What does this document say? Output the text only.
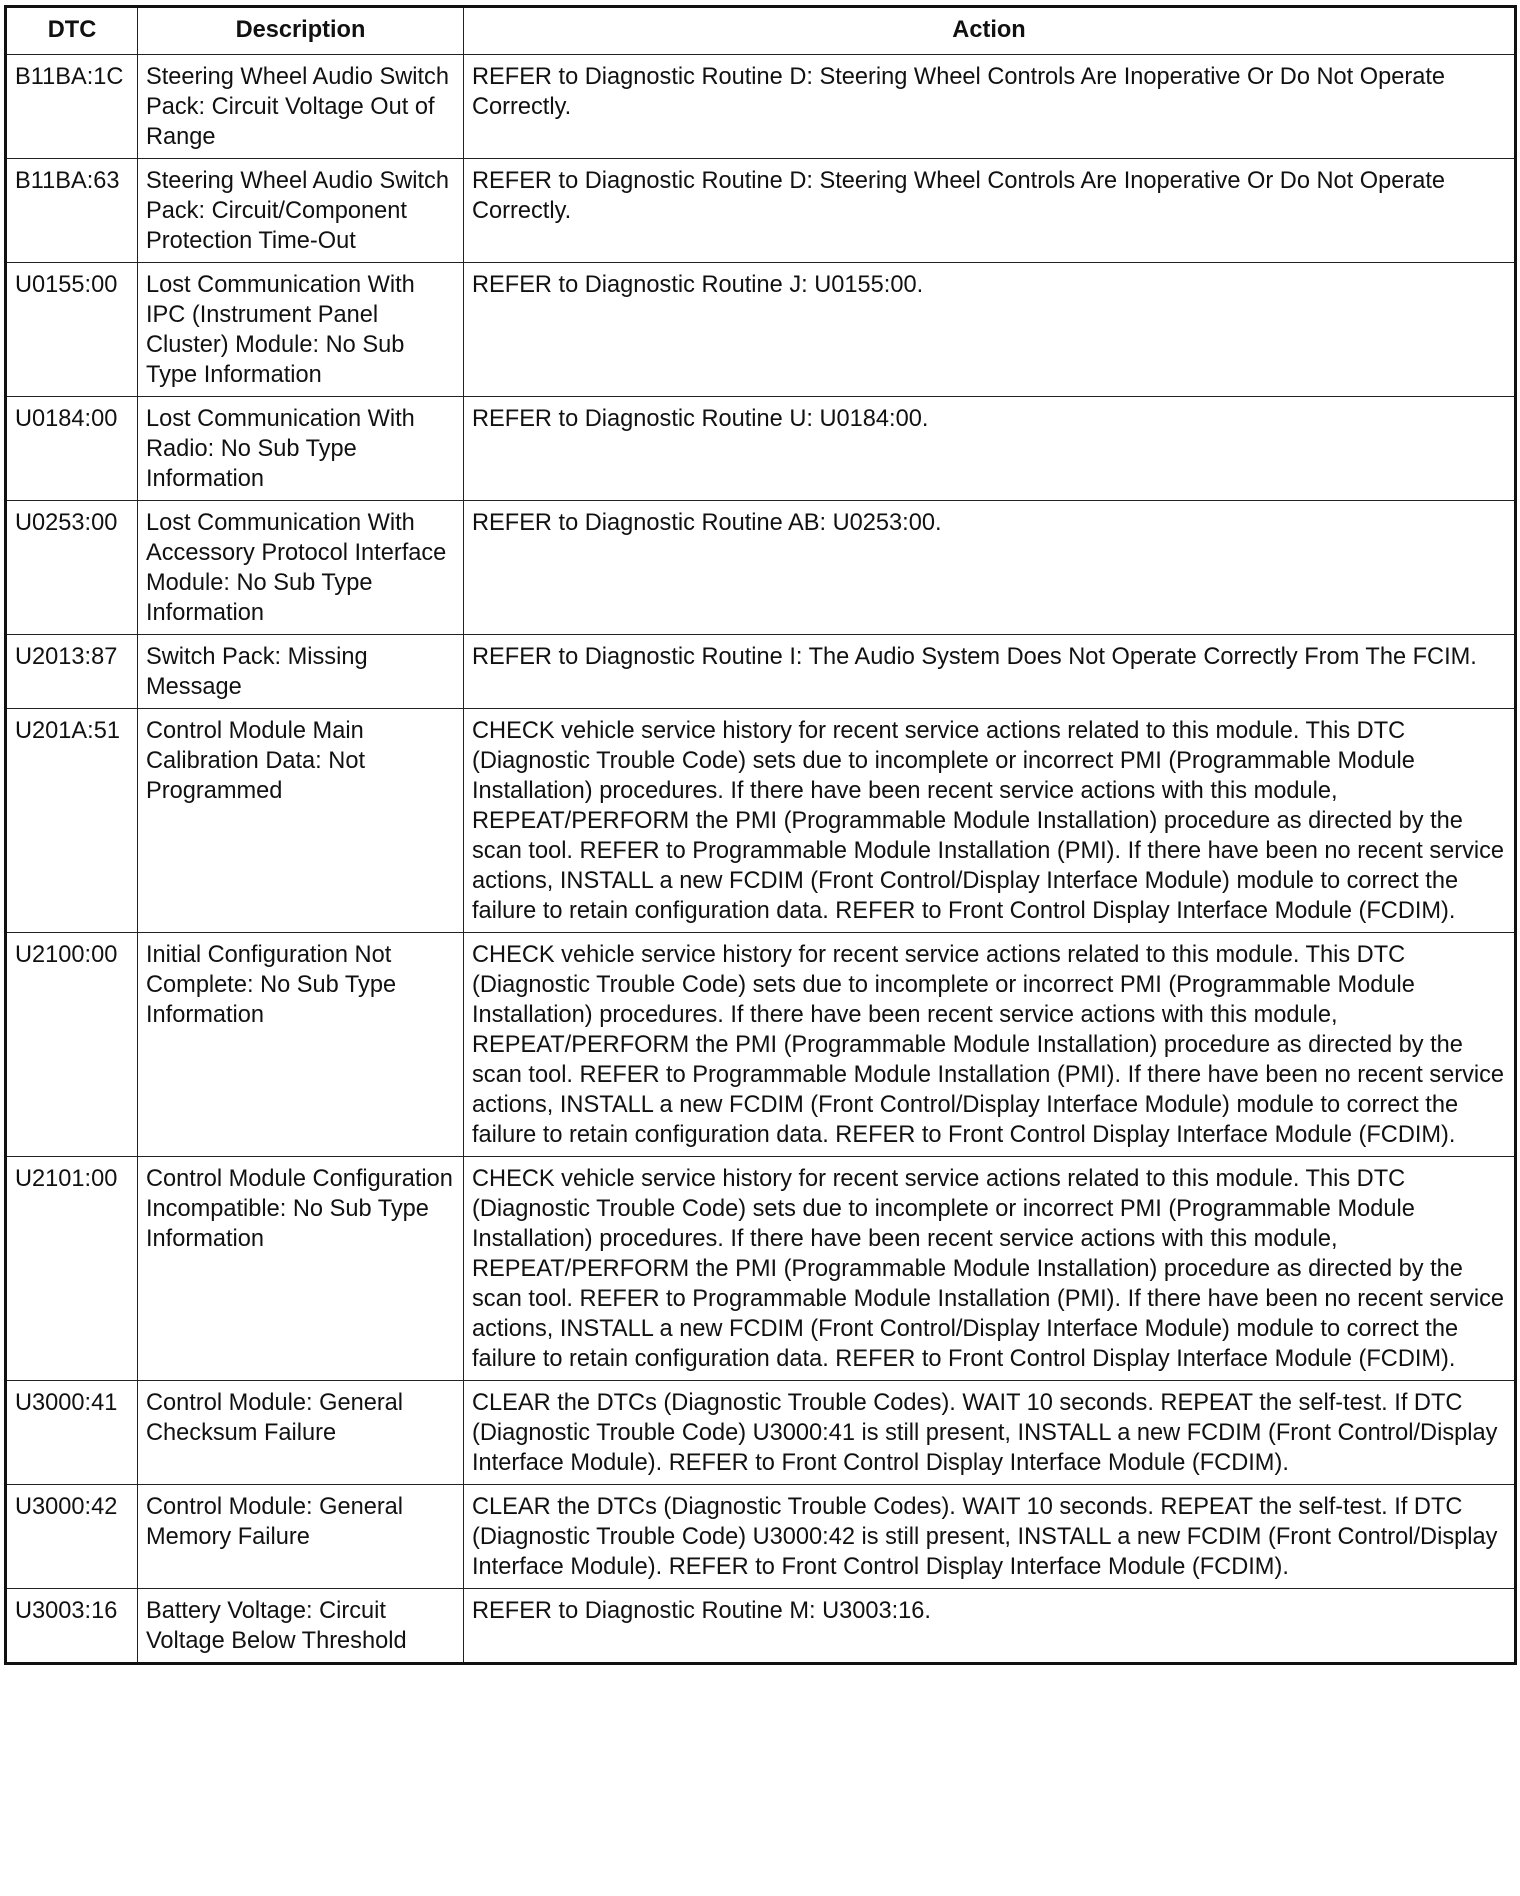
DTC	Description	Action
B11BA:1C	Steering Wheel Audio Switch Pack: Circuit Voltage Out of Range	REFER to Diagnostic Routine D: Steering Wheel Controls Are Inoperative Or Do Not Operate Correctly.
B11BA:63	Steering Wheel Audio Switch Pack: Circuit/Component Protection Time-Out	REFER to Diagnostic Routine D: Steering Wheel Controls Are Inoperative Or Do Not Operate Correctly.
U0155:00	Lost Communication With IPC (Instrument Panel Cluster) Module: No Sub Type Information	REFER to Diagnostic Routine J: U0155:00.
U0184:00	Lost Communication With Radio: No Sub Type Information	REFER to Diagnostic Routine U: U0184:00.
U0253:00	Lost Communication With Accessory Protocol Interface Module: No Sub Type Information	REFER to Diagnostic Routine AB: U0253:00.
U2013:87	Switch Pack: Missing Message	REFER to Diagnostic Routine I: The Audio System Does Not Operate Correctly From The FCIM.
U201A:51	Control Module Main Calibration Data: Not Programmed	CHECK vehicle service history for recent service actions related to this module. This DTC (Diagnostic Trouble Code) sets due to incomplete or incorrect PMI (Programmable Module Installation) procedures. If there have been recent service actions with this module, REPEAT/PERFORM the PMI (Programmable Module Installation) procedure as directed by the scan tool. REFER to Programmable Module Installation (PMI). If there have been no recent service actions, INSTALL a new FCDIM (Front Control/Display Interface Module) module to correct the failure to retain configuration data. REFER to Front Control Display Interface Module (FCDIM).
U2100:00	Initial Configuration Not Complete: No Sub Type Information	CHECK vehicle service history for recent service actions related to this module. This DTC (Diagnostic Trouble Code) sets due to incomplete or incorrect PMI (Programmable Module Installation) procedures. If there have been recent service actions with this module, REPEAT/PERFORM the PMI (Programmable Module Installation) procedure as directed by the scan tool. REFER to Programmable Module Installation (PMI). If there have been no recent service actions, INSTALL a new FCDIM (Front Control/Display Interface Module) module to correct the failure to retain configuration data. REFER to Front Control Display Interface Module (FCDIM).
U2101:00	Control Module Configuration Incompatible: No Sub Type Information	CHECK vehicle service history for recent service actions related to this module. This DTC (Diagnostic Trouble Code) sets due to incomplete or incorrect PMI (Programmable Module Installation) procedures. If there have been recent service actions with this module, REPEAT/PERFORM the PMI (Programmable Module Installation) procedure as directed by the scan tool. REFER to Programmable Module Installation (PMI). If there have been no recent service actions, INSTALL a new FCDIM (Front Control/Display Interface Module) module to correct the failure to retain configuration data. REFER to Front Control Display Interface Module (FCDIM).
U3000:41	Control Module: General Checksum Failure	CLEAR the DTCs (Diagnostic Trouble Codes). WAIT 10 seconds. REPEAT the self-test. If DTC (Diagnostic Trouble Code) U3000:41 is still present, INSTALL a new FCDIM (Front Control/Display Interface Module). REFER to Front Control Display Interface Module (FCDIM).
U3000:42	Control Module: General Memory Failure	CLEAR the DTCs (Diagnostic Trouble Codes). WAIT 10 seconds. REPEAT the self-test. If DTC (Diagnostic Trouble Code) U3000:42 is still present, INSTALL a new FCDIM (Front Control/Display Interface Module). REFER to Front Control Display Interface Module (FCDIM).
U3003:16	Battery Voltage: Circuit Voltage Below Threshold	REFER to Diagnostic Routine M: U3003:16.
